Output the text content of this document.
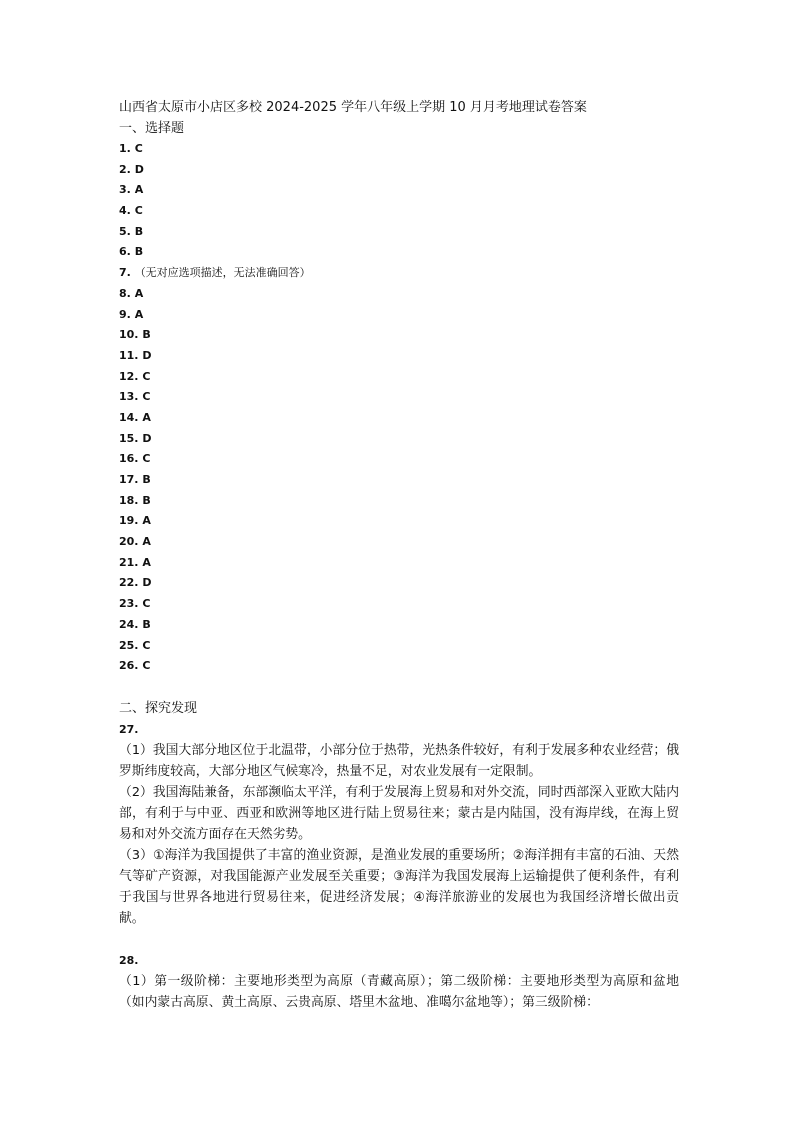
山西省太原市小店区多校 2024-2025 学年八年级上学期 10 月月考地理试卷答案
一、选择题
1. C
2. D
3. A
4. C
5. B
6. B
7. （无对应选项描述，无法准确回答）
8. A
9. A
10. B
11. D
12. C
13. C
14. A
15. D
16. C
17. B
18. B
19. A
20. A
21. A
22. D
23. C
24. B
25. C
26. C
二、探究发现
27.

（1）我国大部分地区位于北温带，小部分位于热带，光热条件较好，有利于发展多种农业经营；俄罗斯纬度较高，大部分地区气候寒冷，热量不足，对农业发展有一定限制。

（2）我国海陆兼备，东部濒临太平洋，有利于发展海上贸易和对外交流，同时西部深入亚欧大陆内部，有利于与中亚、西亚和欧洲等地区进行陆上贸易往来；蒙古是内陆国，没有海岸线，在海上贸易和对外交流方面存在天然劣势。

（3）①海洋为我国提供了丰富的渔业资源，是渔业发展的重要场所；②海洋拥有丰富的石油、天然气等矿产资源，对我国能源产业发展至关重要；③海洋为我国发展海上运输提供了便利条件，有利于我国与世界各地进行贸易往来，促进经济发展；④海洋旅游业的发展也为我国经济增长做出贡献。

28.

（1）第一级阶梯：主要地形类型为高原（青藏高原）；第二级阶梯：主要地形类型为高原和盆地（如内蒙古高原、黄土高原、云贵高原、塔里木盆地、准噶尔盆地等）；第三级阶梯：
